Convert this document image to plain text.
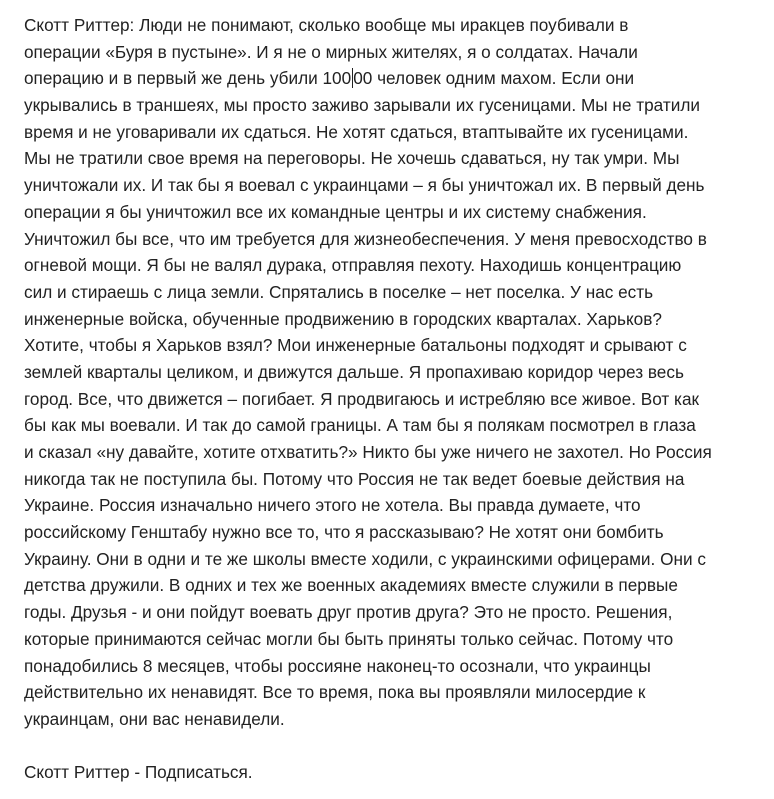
Скотт Риттер: Люди не понимают, сколько вообще мы иракцев поубивали в
операции «Буря в пустыне». И я не о мирных жителях, я о солдатах. Начали
операцию и в первый же день убили 100 00 человек одним махом. Если они
укрывались в траншеях, мы просто заживо зарывали их гусеницами. Мы не тратили
время и не уговаривали их сдаться. Не хотят сдаться, втаптывайте их гусеницами.
Мы не тратили свое время на переговоры. Не хочешь сдаваться, ну так умри. Мы
уничтожали их. И так бы я воевал с украинцами – я бы уничтожал их. В первый день
операции я бы уничтожил все их командные центры и их систему снабжения.
Уничтожил бы все, что им требуется для жизнеобеспечения. У меня превосходство в
огневой мощи. Я бы не валял дурака, отправляя пехоту. Находишь концентрацию
сил и стираешь с лица земли. Спрятались в поселке – нет поселка. У нас есть
инженерные войска, обученные продвижению в городских кварталах. Харьков?
Хотите, чтобы я Харьков взял? Мои инженерные батальоны подходят и срывают с
землей кварталы целиком, и движутся дальше. Я пропахиваю коридор через весь
город. Все, что движется – погибает. Я продвигаюсь и истребляю все живое. Вот как
бы как мы воевали. И так до самой границы. А там бы я полякам посмотрел в глаза
и сказал «ну давайте, хотите отхватить?» Никто бы уже ничего не захотел. Но Россия
никогда так не поступила бы. Потому что Россия не так ведет боевые действия на
Украине. Россия изначально ничего этого не хотела. Вы правда думаете, что
российскому Генштабу нужно все то, что я рассказываю? Не хотят они бомбить
Украину. Они в одни и те же школы вместе ходили, с украинскими офицерами. Они с
детства дружили. В одних и тех же военных академиях вместе служили в первые
годы. Друзья - и они пойдут воевать друг против друга? Это не просто. Решения,
которые принимаются сейчас могли бы быть приняты только сейчас. Потому что
понадобились 8 месяцев, чтобы россияне наконец-то осознали, что украинцы
действительно их ненавидят. Все то время, пока вы проявляли милосердие к
украинцам, они вас ненавидели.
Скотт Риттер - Подписаться.
